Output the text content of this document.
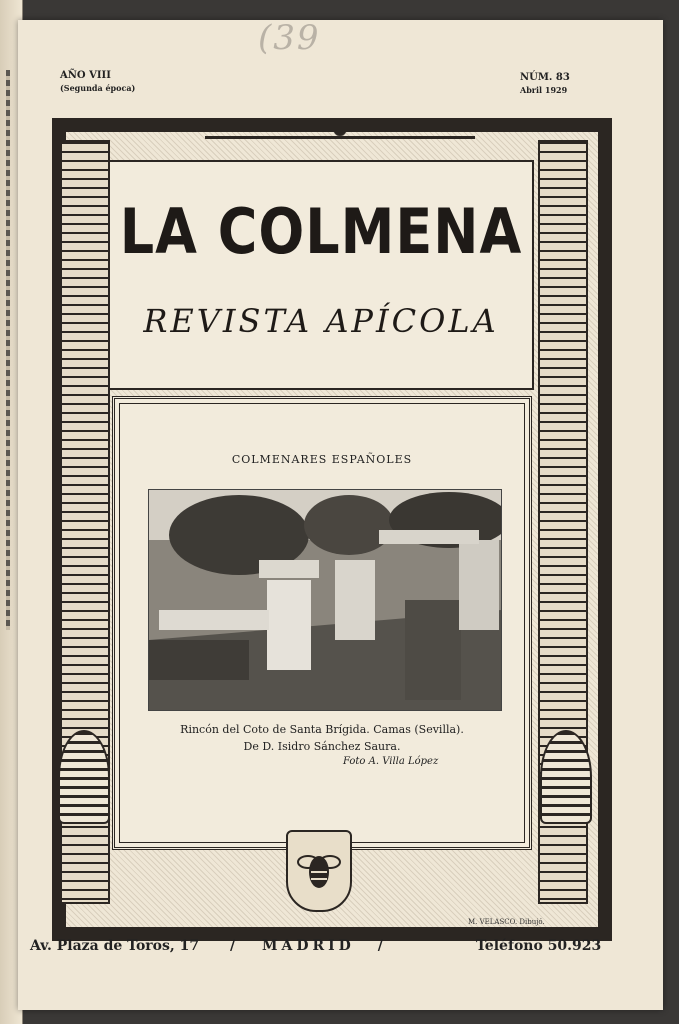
(39
AÑO VIII
(Segunda época)
NÚM. 83
Abril 1929
LA COLMENA
REVISTA APÍCOLA
COLMENARES ESPAÑOLES
Rincón del Coto de Santa Brígida. Camas (Sevilla).
De D. Isidro Sánchez Saura.
Foto A. Villa López
M. VELASCO. Dibujó.
Av. Plaza de Toros, 17 / MADRID /	Teléfono 50.923
